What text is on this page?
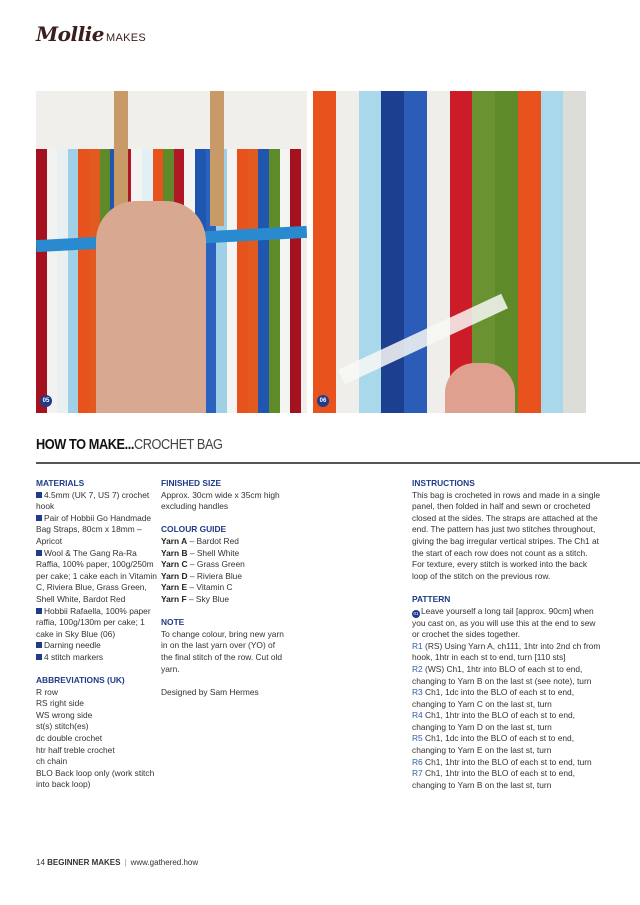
Mollie MAKES
05	06
HOW TO MAKE...CROCHET BAG

MATERIALS

4.5mm (UK 7, US 7) crochet hook
Pair of Hobbii Go Handmade Bag Straps, 80cm x 18mm – Apricot
Wool & The Gang Ra-Ra Raffia, 100% paper, 100g/250m per cake; 1 cake each in Vitamin C, Riviera Blue, Grass Green, Shell White, Bardot Red
Hobbii Rafaella, 100% paper raffia, 100g/130m per cake; 1 cake in Sky Blue (06)
Darning needle
4 stitch markers

ABBREVIATIONS (UK)

R row
RS right side
WS wrong side
st(s) stitch(es)
dc double crochet
htr half treble crochet
ch chain
BLO Back loop only (work stitch into back loop)

FINISHED SIZE

Approx. 30cm wide x 35cm high excluding handles

COLOUR GUIDE

Yarn A – Bardot Red
Yarn B – Shell White
Yarn C – Grass Green
Yarn D – Riviera Blue
Yarn E – Vitamin C
Yarn F – Sky Blue

NOTE

To change colour, bring new yarn in on the last yarn over (YO) of the final stitch of the row. Cut old yarn.
Designed by Sam Hermes

INSTRUCTIONS

This bag is crocheted in rows and made in a single panel, then folded in half and sewn or crocheted closed at the sides. The straps are attached at the end. The pattern has just two stitches throughout, giving the bag irregular vertical stripes. The Ch1 at the start of each row does not count as a stitch. For texture, every stitch is worked into the back loop of the stitch on the previous row.

PATTERN

01 Leave yourself a long tail [approx. 90cm] when you cast on, as you will use this at the end to sew or crochet the sides together.
R1 (RS) Using Yarn A, ch111, 1htr into 2nd ch from hook, 1htr in each st to end, turn [110 sts]
R2 (WS) Ch1, 1htr into BLO of each st to end, changing to Yarn B on the last st (see note), turn
R3 Ch1, 1dc into the BLO of each st to end, changing to Yarn C on the last st, turn
R4 Ch1, 1htr into the BLO of each st to end, changing to Yarn D on the last st, turn
R5 Ch1, 1dc into the BLO of each st to end, changing to Yarn E on the last st, turn
R6 Ch1, 1htr into the BLO of each st to end, turn
R7 Ch1, 1htr into the BLO of each st to end, changing to Yarn B on the last st, turn
14 BEGINNER MAKES | www.gathered.how
